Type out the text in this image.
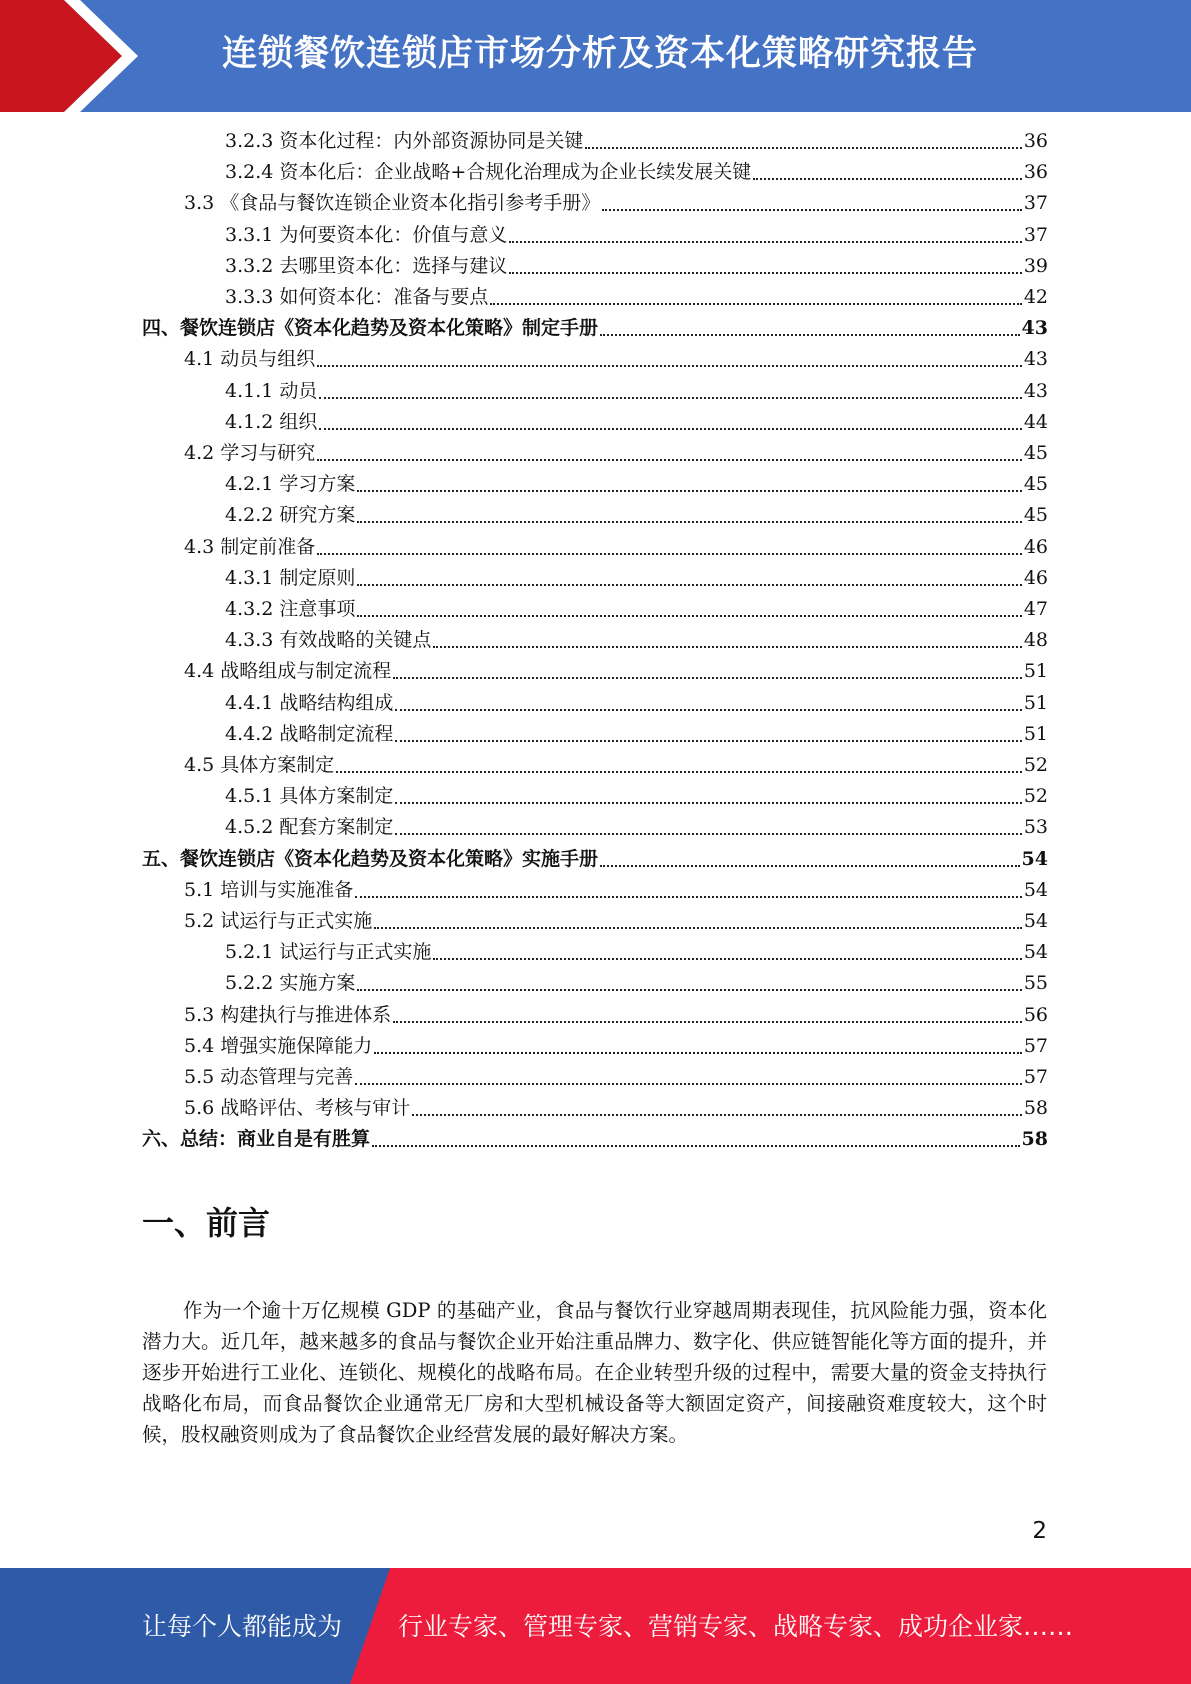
连锁餐饮连锁店市场分析及资本化策略研究报告
3.2.3 资本化过程：内外部资源协同是关键	36
3.2.4 资本化后：企业战略+合规化治理成为企业长续发展关键	36
3.3 《食品与餐饮连锁企业资本化指引参考手册》	37
3.3.1 为何要资本化：价值与意义	37
3.3.2 去哪里资本化：选择与建议	39
3.3.3 如何资本化：准备与要点	42
四、餐饮连锁店《资本化趋势及资本化策略》制定手册	43
4.1 动员与组织	43
4.1.1 动员	43
4.1.2 组织	44
4.2 学习与研究	45
4.2.1 学习方案	45
4.2.2 研究方案	45
4.3 制定前准备	46
4.3.1 制定原则	46
4.3.2 注意事项	47
4.3.3 有效战略的关键点	48
4.4 战略组成与制定流程	51
4.4.1 战略结构组成	51
4.4.2 战略制定流程	51
4.5 具体方案制定	52
4.5.1 具体方案制定	52
4.5.2 配套方案制定	53
五、餐饮连锁店《资本化趋势及资本化策略》实施手册	54
5.1 培训与实施准备	54
5.2 试运行与正式实施	54
5.2.1 试运行与正式实施	54
5.2.2 实施方案	55
5.3 构建执行与推进体系	56
5.4 增强实施保障能力	57
5.5 动态管理与完善	57
5.6 战略评估、考核与审计	58
六、总结：商业自是有胜算	58
一、前言
作为一个逾十万亿规模 GDP 的基础产业，食品与餐饮行业穿越周期表现佳，抗风险能力强，资本化潜力大。近几年，越来越多的食品与餐饮企业开始注重品牌力、数字化、供应链智能化等方面的提升，并逐步开始进行工业化、连锁化、规模化的战略布局。在企业转型升级的过程中，需要大量的资金支持执行战略化布局，而食品餐饮企业通常无厂房和大型机械设备等大额固定资产，间接融资难度较大，这个时候，股权融资则成为了食品餐饮企业经营发展的最好解决方案。
2
让每个人都能成为 行业专家、管理专家、营销专家、战略专家、成功企业家……
